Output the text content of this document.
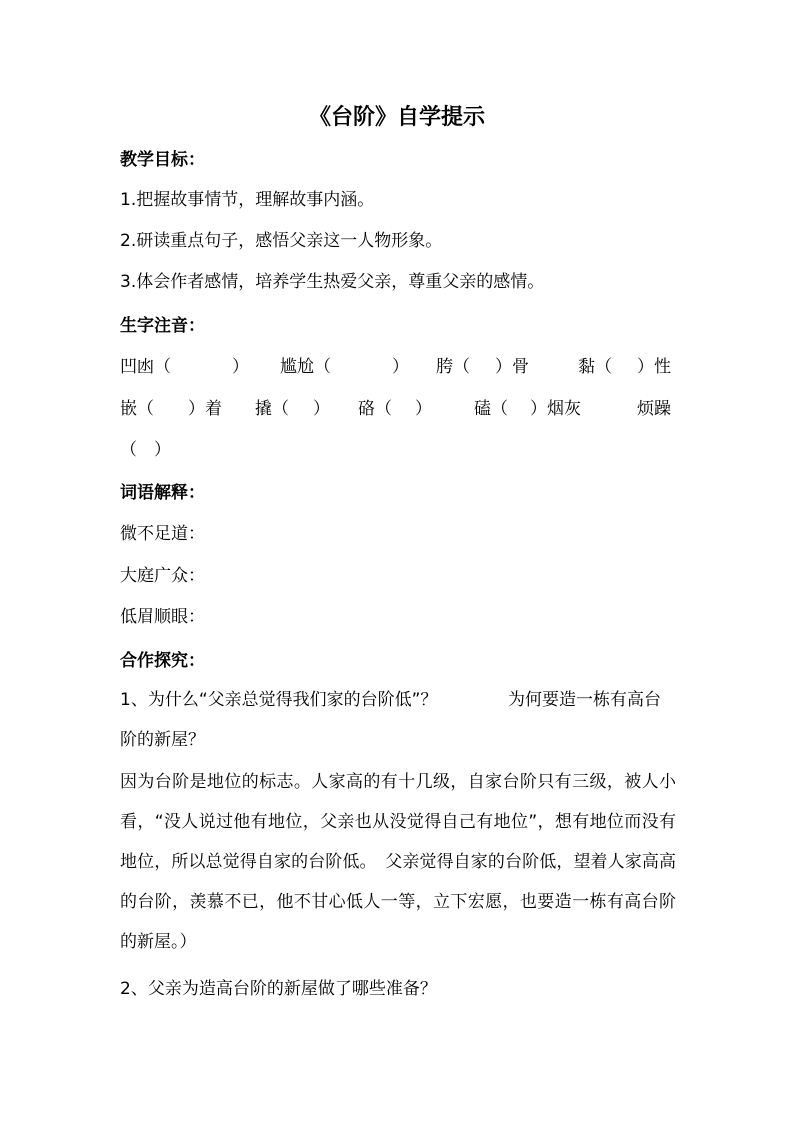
《台阶》自学提示
教学目标：
1.把握故事情节，理解故事内涵。
2.研读重点句子，感悟父亲这一人物形象。
3.体会作者感情，培养学生热爱父亲，尊重父亲的感情。
生字注音：
凹凼（	） 尴尬（	） 胯（ ）骨	黏（ ）性
嵌（ ）着 撬（ ） 硌（ ） 磕（ ）烟灰	烦躁
（　）
词语解释：
微不足道：
大庭广众：
低眉顺眼：
合作探究：
1、为什么“父亲总觉得我们家的台阶低”？	为何要造一栋有高台
阶的新屋？
因为台阶是地位的标志。人家高的有十几级，自家台阶只有三级，被人小看，“没人说过他有地位，父亲也从没觉得自己有地位”，想有地位而没有地位，所以总觉得自家的台阶低。　父亲觉得自家的台阶低，望着人家高高的台阶，羡慕不已，他不甘心低人一等，立下宏愿，也要造一栋有高台阶的新屋。）
2、父亲为造高台阶的新屋做了哪些准备？
